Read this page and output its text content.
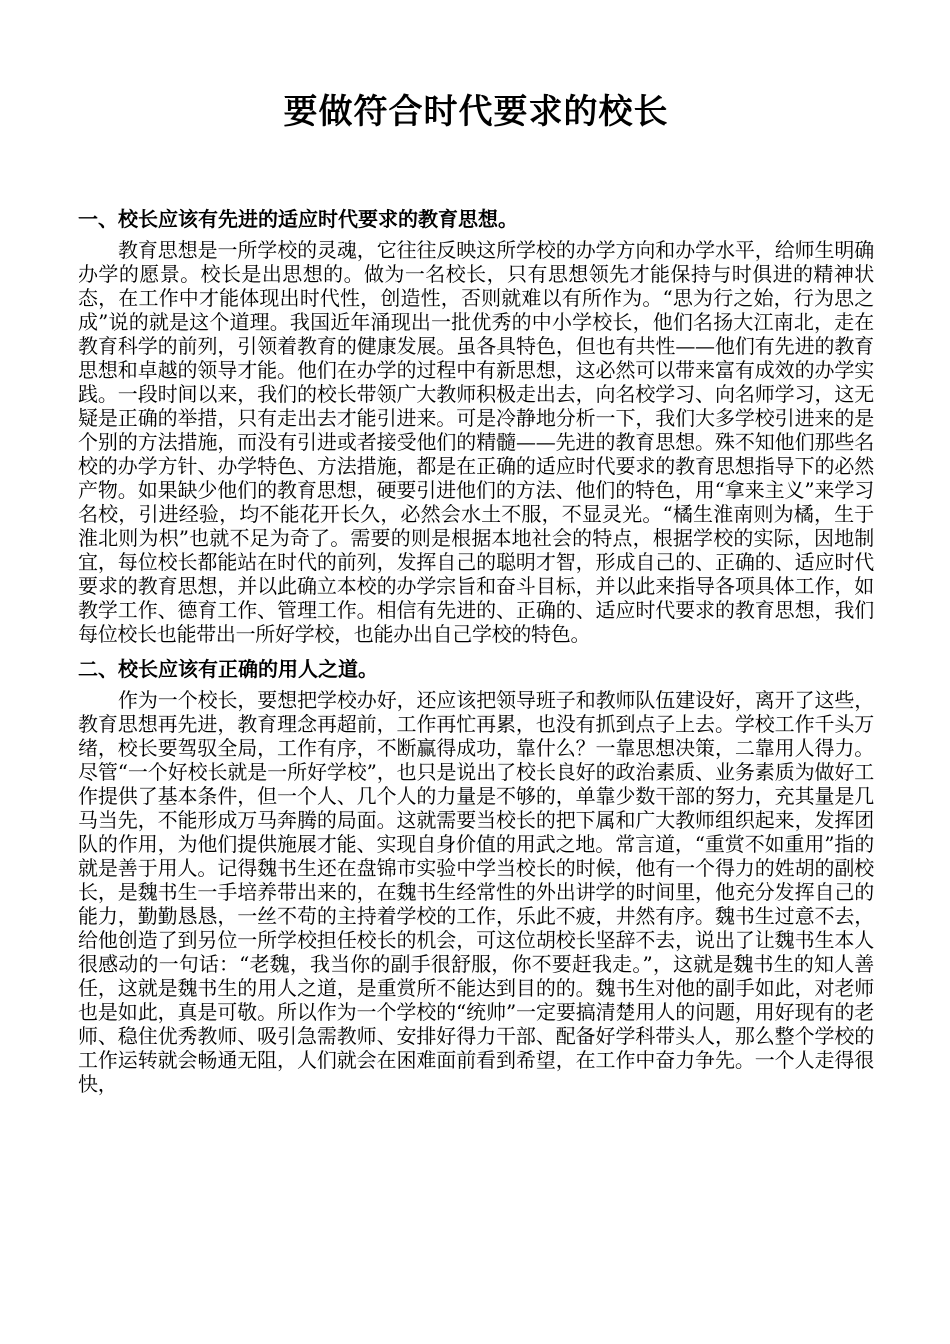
要做符合时代要求的校长
一、校长应该有先进的适应时代要求的教育思想。

教育思想是一所学校的灵魂，它往往反映这所学校的办学方向和办学水平，给师生明确办学的愿景。校长是出思想的。做为一名校长，只有思想领先才能保持与时俱进的精神状态，在工作中才能体现出时代性，创造性，否则就难以有所作为。“思为行之始，行为思之成”说的就是这个道理。我国近年涌现出一批优秀的中小学校长，他们名扬大江南北，走在教育科学的前列，引领着教育的健康发展。虽各具特色，但也有共性——他们有先进的教育思想和卓越的领导才能。他们在办学的过程中有新思想，这必然可以带来富有成效的办学实践。一段时间以来，我们的校长带领广大教师积极走出去，向名校学习、向名师学习，这无疑是正确的举措，只有走出去才能引进来。可是冷静地分析一下，我们大多学校引进来的是个别的方法措施，而没有引进或者接受他们的精髓——先进的教育思想。殊不知他们那些名校的办学方针、办学特色、方法措施，都是在正确的适应时代要求的教育思想指导下的必然产物。如果缺少他们的教育思想，硬要引进他们的方法、他们的特色，用“拿来主义”来学习名校，引进经验，均不能花开长久，必然会水土不服，不显灵光。“橘生淮南则为橘，生于淮北则为枳”也就不足为奇了。需要的则是根据本地社会的特点，根据学校的实际，因地制宜，每位校长都能站在时代的前列，发挥自己的聪明才智，形成自己的、正确的、适应时代要求的教育思想，并以此确立本校的办学宗旨和奋斗目标，并以此来指导各项具体工作，如教学工作、德育工作、管理工作。相信有先进的、正确的、适应时代要求的教育思想，我们每位校长也能带出一所好学校，也能办出自己学校的特色。

二、校长应该有正确的用人之道。

作为一个校长，要想把学校办好，还应该把领导班子和教师队伍建设好，离开了这些，教育思想再先进，教育理念再超前，工作再忙再累，也没有抓到点子上去。学校工作千头万绪，校长要驾驭全局，工作有序，不断赢得成功，靠什么？一靠思想决策，二靠用人得力。尽管“一个好校长就是一所好学校”，也只是说出了校长良好的政治素质、业务素质为做好工作提供了基本条件，但一个人、几个人的力量是不够的，单靠少数干部的努力，充其量是几马当先，不能形成万马奔腾的局面。这就需要当校长的把下属和广大教师组织起来，发挥团队的作用，为他们提供施展才能、实现自身价值的用武之地。常言道，“重赏不如重用”指的就是善于用人。记得魏书生还在盘锦市实验中学当校长的时候，他有一个得力的姓胡的副校长，是魏书生一手培养带出来的，在魏书生经常性的外出讲学的时间里，他充分发挥自己的能力，勤勤恳恳，一丝不苟的主持着学校的工作，乐此不疲，井然有序。魏书生过意不去，给他创造了到另位一所学校担任校长的机会，可这位胡校长坚辞不去，说出了让魏书生本人很感动的一句话：“老魏，我当你的副手很舒服，你不要赶我走。”，这就是魏书生的知人善任，这就是魏书生的用人之道，是重赏所不能达到目的的。魏书生对他的副手如此，对老师也是如此，真是可敬。所以作为一个学校的“统帅”一定要搞清楚用人的问题，用好现有的老师、稳住优秀教师、吸引急需教师、安排好得力干部、配备好学科带头人，那么整个学校的工作运转就会畅通无阻，人们就会在困难面前看到希望，在工作中奋力争先。一个人走得很快，
